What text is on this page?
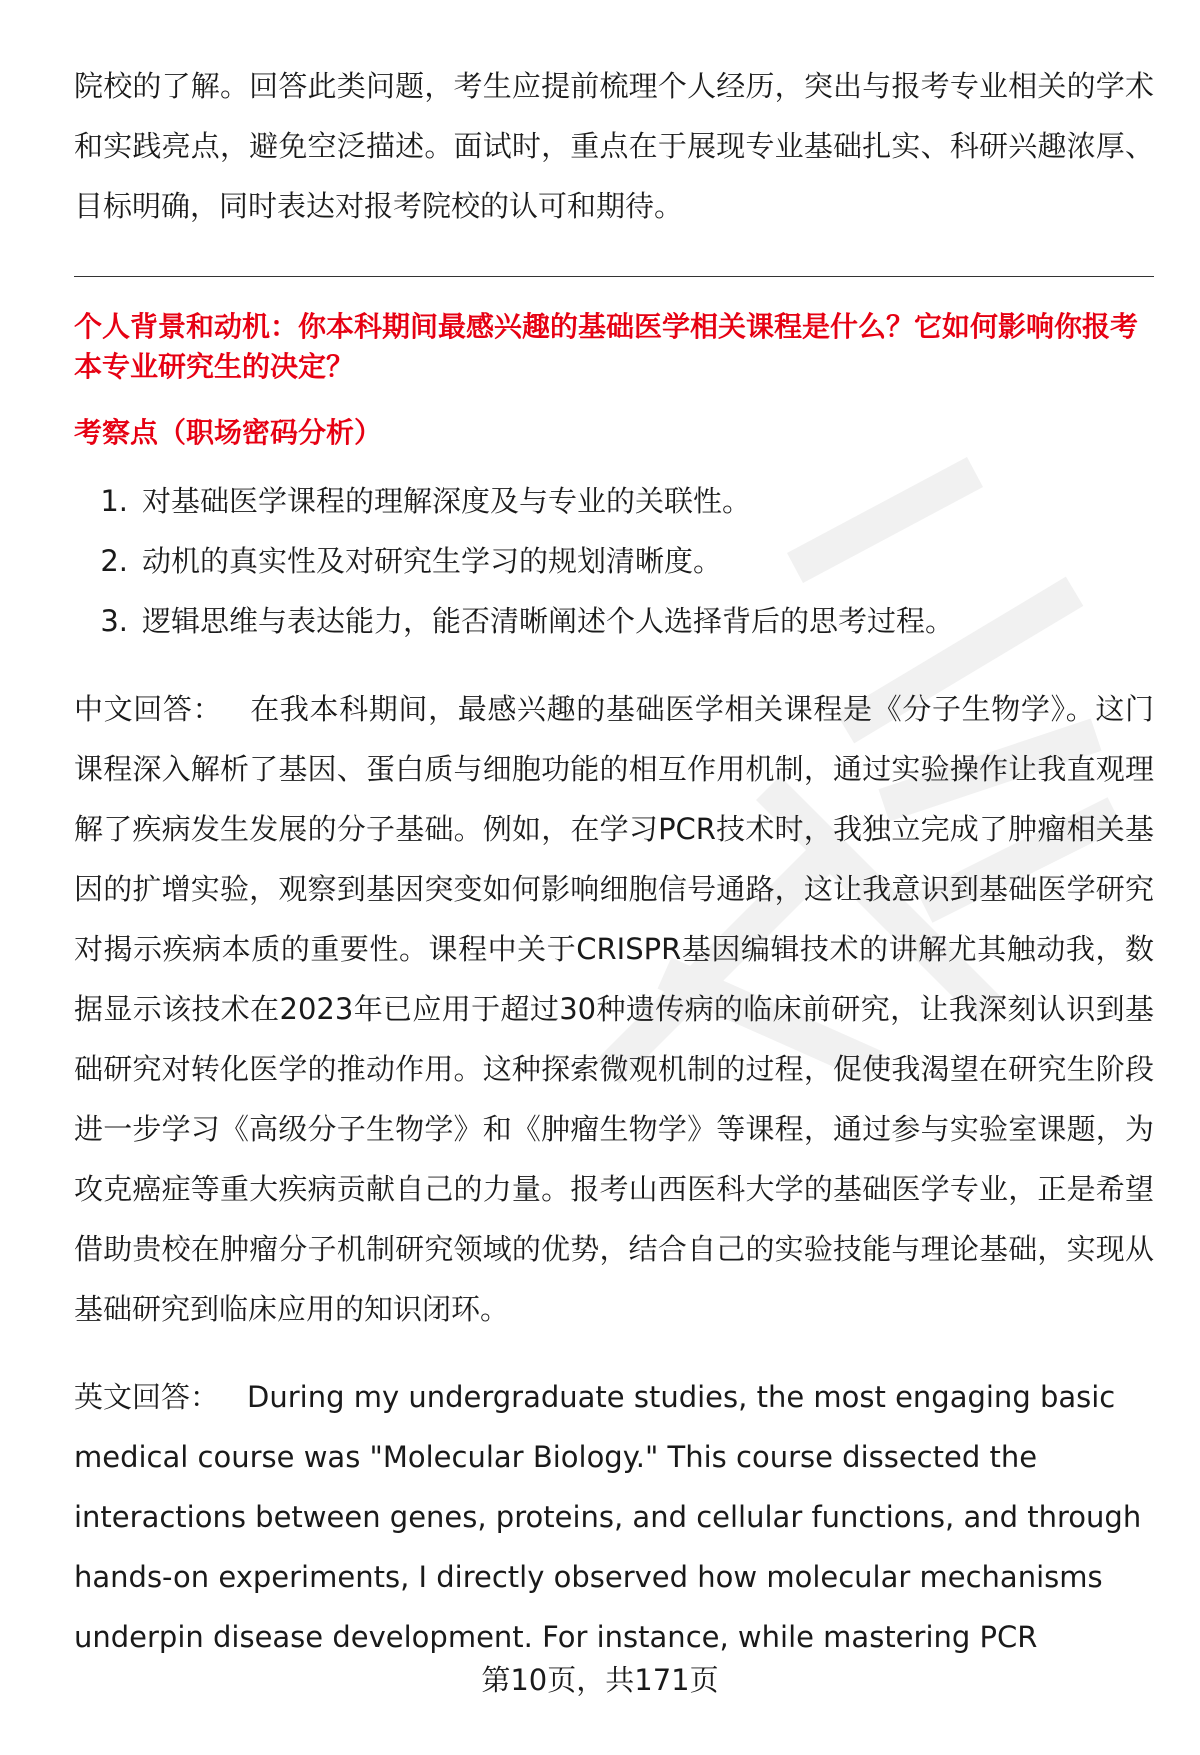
院校的了解。回答此类问题，考生应提前梳理个人经历，突出与报考专业相关的学术和实践亮点，避免空泛描述。面试时，重点在于展现专业基础扎实、科研兴趣浓厚、目标明确，同时表达对报考院校的认可和期待。

个人背景和动机：你本科期间最感兴趣的基础医学相关课程是什么？它如何影响你报考本专业研究生的决定？

考察点（职场密码分析）

1. 对基础医学课程的理解深度及与专业的关联性。
2. 动机的真实性及对研究生学习的规划清晰度。
3. 逻辑思维与表达能力，能否清晰阐述个人选择背后的思考过程。

中文回答： 在我本科期间，最感兴趣的基础医学相关课程是《分子生物学》。这门课程深入解析了基因、蛋白质与细胞功能的相互作用机制，通过实验操作让我直观理解了疾病发生发展的分子基础。例如，在学习PCR技术时，我独立完成了肿瘤相关基因的扩增实验，观察到基因突变如何影响细胞信号通路，这让我意识到基础医学研究对揭示疾病本质的重要性。课程中关于CRISPR基因编辑技术的讲解尤其触动我，数据显示该技术在2023年已应用于超过30种遗传病的临床前研究，让我深刻认识到基础研究对转化医学的推动作用。这种探索微观机制的过程，促使我渴望在研究生阶段进一步学习《高级分子生物学》和《肿瘤生物学》等课程，通过参与实验室课题，为攻克癌症等重大疾病贡献自己的力量。报考山西医科大学的基础医学专业，正是希望借助贵校在肿瘤分子机制研究领域的优势，结合自己的实验技能与理论基础，实现从基础研究到临床应用的知识闭环。

英文回答： During my undergraduate studies, the most engaging basic medical course was "Molecular Biology." This course dissected the interactions between genes, proteins, and cellular functions, and through hands-on experiments, I directly observed how molecular mechanisms underpin disease development. For instance, while mastering PCR

第10页，共171页
